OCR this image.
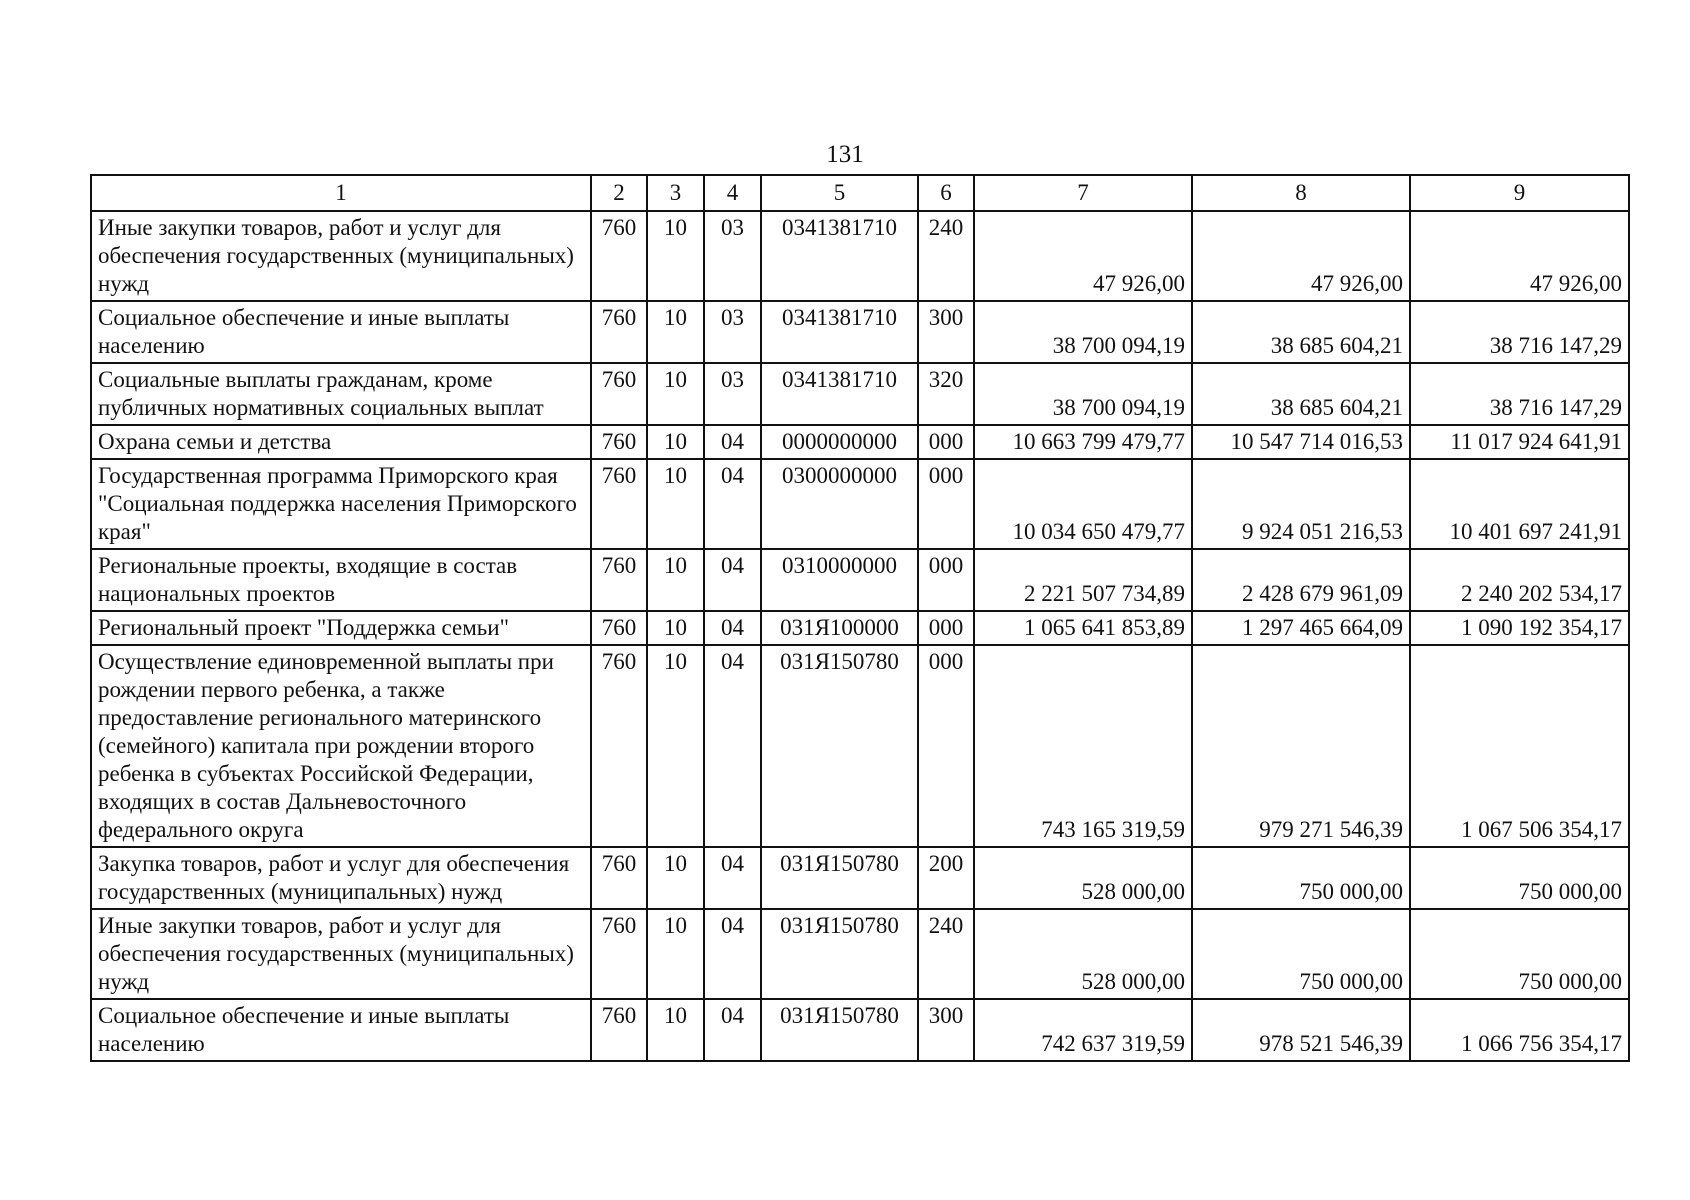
131
1	2	3	4	5	6	7	8	9
Иные закупки товаров, работ и услуг для обеспечения государственных (муниципальных) нужд	760	10	03	0341381710	240	47 926,00	47 926,00	47 926,00
Социальное обеспечение и иные выплаты населению	760	10	03	0341381710	300	38 700 094,19	38 685 604,21	38 716 147,29
Социальные выплаты гражданам, кроме публичных нормативных социальных выплат	760	10	03	0341381710	320	38 700 094,19	38 685 604,21	38 716 147,29
Охрана семьи и детства	760	10	04	0000000000	000	10 663 799 479,77	10 547 714 016,53	11 017 924 641,91
Государственная программа Приморского края "Социальная поддержка населения Приморского края"	760	10	04	0300000000	000	10 034 650 479,77	9 924 051 216,53	10 401 697 241,91
Региональные проекты, входящие в состав национальных проектов	760	10	04	0310000000	000	2 221 507 734,89	2 428 679 961,09	2 240 202 534,17
Региональный проект "Поддержка семьи"	760	10	04	031Я100000	000	1 065 641 853,89	1 297 465 664,09	1 090 192 354,17
Осуществление единовременной выплаты при рождении первого ребенка, а также предоставление регионального материнского (семейного) капитала при рождении второго ребенка в субъектах Российской Федерации, входящих в состав Дальневосточного федерального округа	760	10	04	031Я150780	000	743 165 319,59	979 271 546,39	1 067 506 354,17
Закупка товаров, работ и услуг для обеспечения государственных (муниципальных) нужд	760	10	04	031Я150780	200	528 000,00	750 000,00	750 000,00
Иные закупки товаров, работ и услуг для обеспечения государственных (муниципальных) нужд	760	10	04	031Я150780	240	528 000,00	750 000,00	750 000,00
Социальное обеспечение и иные выплаты населению	760	10	04	031Я150780	300	742 637 319,59	978 521 546,39	1 066 756 354,17
